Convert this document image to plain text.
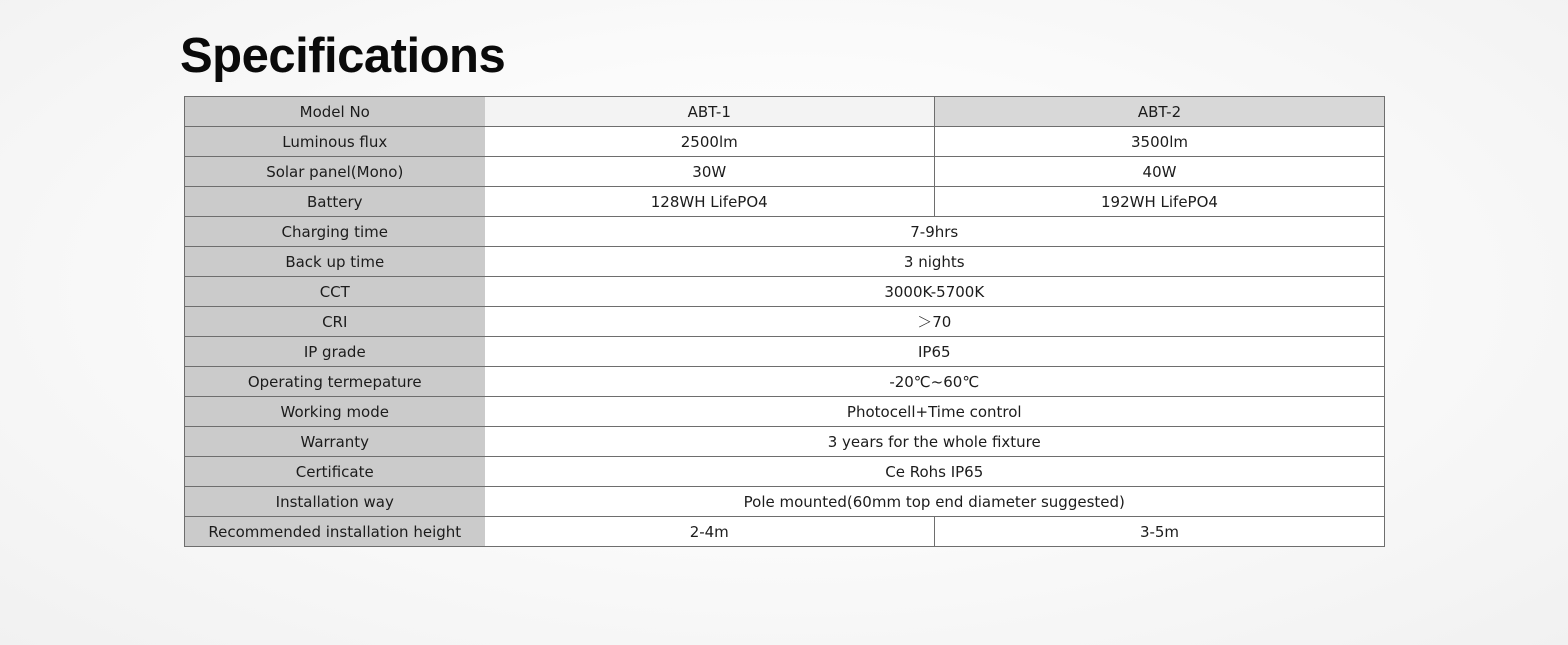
Specifications
Model No	ABT-1	ABT-2
Luminous flux	2500lm	3500lm
Solar panel(Mono)	30W	40W
Battery	128WH LifePO4	192WH LifePO4
Charging time	7-9hrs	
Back up time	3 nights	
CCT	3000K-5700K	
CRI	＞70	
IP grade	IP65	
Operating termepature	-20℃~60℃	
Working mode	Photocell+Time control	
Warranty	3 years for the whole fixture	
Certificate	Ce Rohs IP65	
Installation way	Pole mounted(60mm top end diameter suggested)	
Recommended installation height	2-4m	3-5m
